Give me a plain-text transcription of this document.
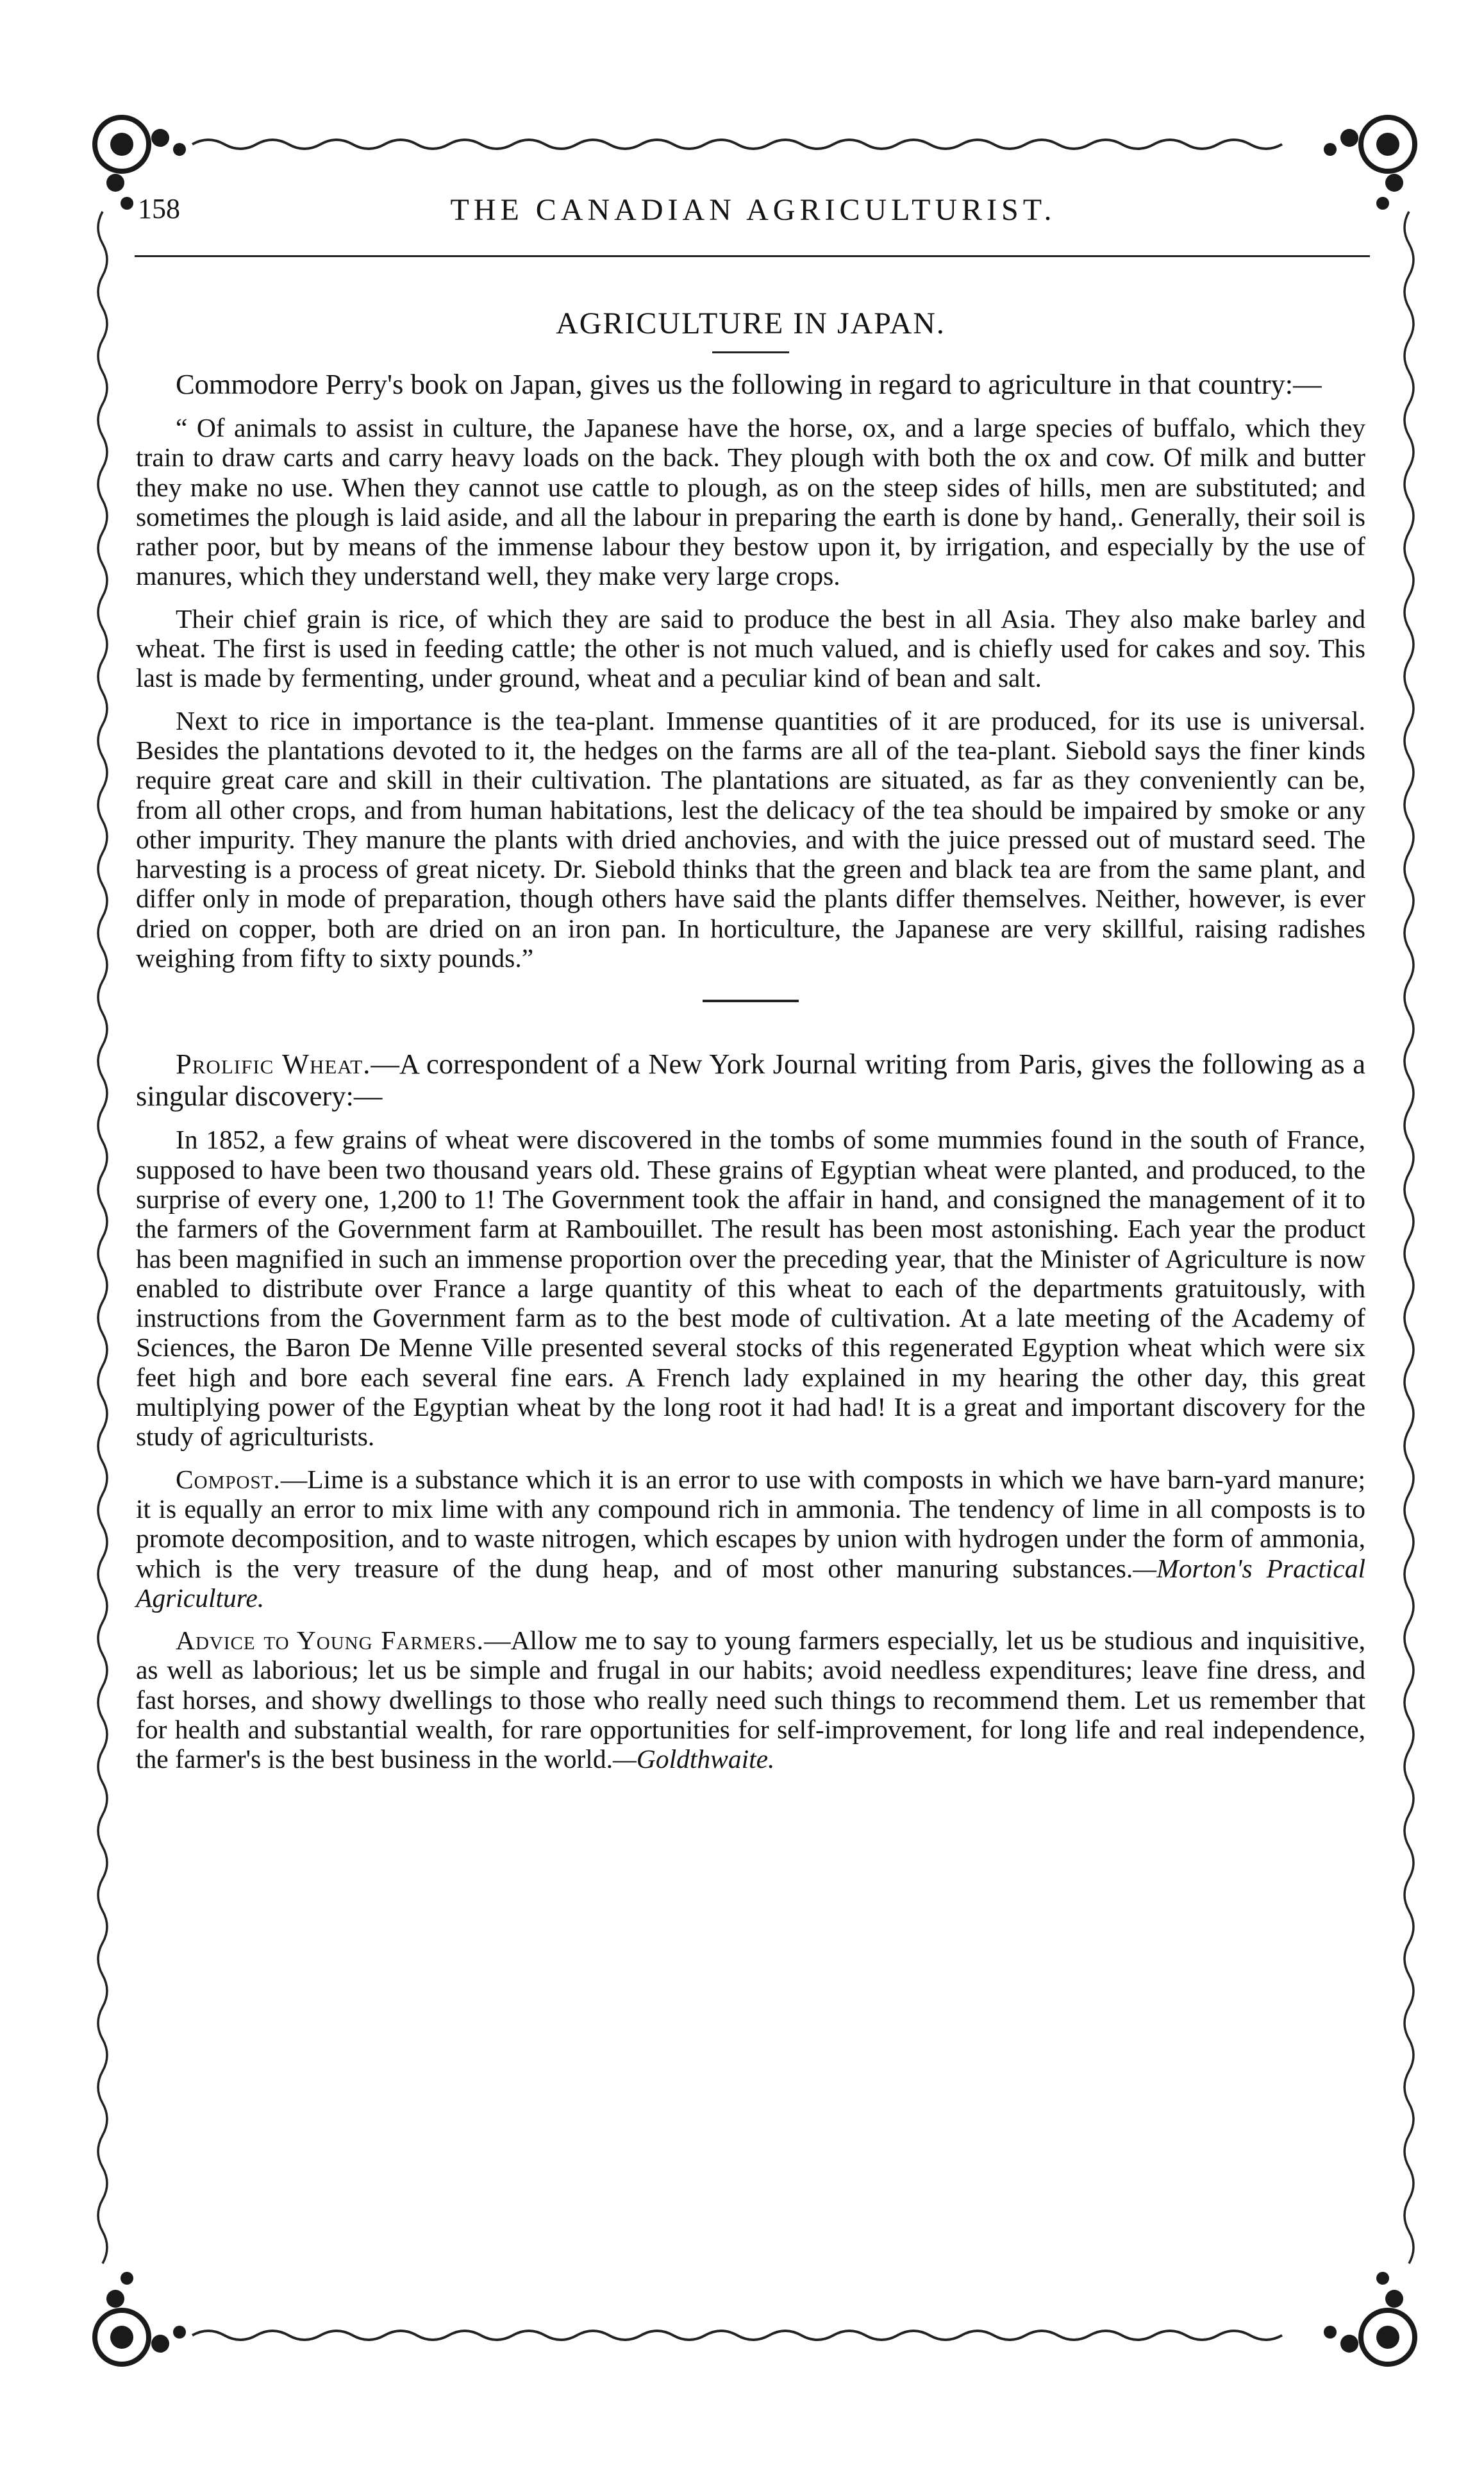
158	THE CANADIAN AGRICULTURIST.
AGRICULTURE IN JAPAN.

Commodore Perry's book on Japan, gives us the following in regard to agriculture in that country:—

“ Of animals to assist in culture, the Japanese have the horse, ox, and a large species of buffalo, which they train to draw carts and carry heavy loads on the back. They plough with both the ox and cow. Of milk and butter they make no use. When they cannot use cattle to plough, as on the steep sides of hills, men are substituted; and sometimes the plough is laid aside, and all the labour in preparing the earth is done by hand,. Generally, their soil is rather poor, but by means of the immense labour they bestow upon it, by irrigation, and especially by the use of manures, which they understand well, they make very large crops.

Their chief grain is rice, of which they are said to produce the best in all Asia. They also make barley and wheat. The first is used in feeding cattle; the other is not much valued, and is chiefly used for cakes and soy. This last is made by fermenting, under ground, wheat and a peculiar kind of bean and salt.

Next to rice in importance is the tea-plant. Immense quantities of it are produced, for its use is universal. Besides the plantations devoted to it, the hedges on the farms are all of the tea-plant. Siebold says the finer kinds require great care and skill in their cultivation. The plantations are situated, as far as they conveniently can be, from all other crops, and from human habitations, lest the delicacy of the tea should be impaired by smoke or any other impurity. They manure the plants with dried anchovies, and with the juice pressed out of mustard seed. The harvesting is a process of great nicety. Dr. Siebold thinks that the green and black tea are from the same plant, and differ only in mode of preparation, though others have said the plants differ themselves. Neither, however, is ever dried on copper, both are dried on an iron pan. In horticulture, the Japanese are very skillful, raising radishes weighing from fifty to sixty pounds.”

Prolific Wheat.—A correspondent of a New York Journal writing from Paris, gives the following as a singular discovery:—

In 1852, a few grains of wheat were discovered in the tombs of some mummies found in the south of France, supposed to have been two thousand years old. These grains of Egyptian wheat were planted, and produced, to the surprise of every one, 1,200 to 1! The Government took the affair in hand, and consigned the management of it to the farmers of the Government farm at Rambouillet. The result has been most astonishing. Each year the product has been magnified in such an immense proportion over the preceding year, that the Minister of Agriculture is now enabled to distribute over France a large quantity of this wheat to each of the departments gratuitously, with instructions from the Government farm as to the best mode of cultivation. At a late meeting of the Academy of Sciences, the Baron De Menne Ville presented several stocks of this regenerated Egyption wheat which were six feet high and bore each several fine ears. A French lady explained in my hearing the other day, this great multiplying power of the Egyptian wheat by the long root it had had! It is a great and important discovery for the study of agriculturists.

Compost.—Lime is a substance which it is an error to use with composts in which we have barn-yard manure; it is equally an error to mix lime with any compound rich in ammonia. The tendency of lime in all composts is to promote decomposition, and to waste nitrogen, which escapes by union with hydrogen under the form of ammonia, which is the very treasure of the dung heap, and of most other manuring substances.—Morton's Practical Agriculture.

Advice to Young Farmers.—Allow me to say to young farmers especially, let us be studious and inquisitive, as well as laborious; let us be simple and frugal in our habits; avoid needless expenditures; leave fine dress, and fast horses, and showy dwellings to those who really need such things to recommend them. Let us remember that for health and substantial wealth, for rare opportunities for self-improvement, for long life and real independence, the farmer's is the best business in the world.—Goldthwaite.
